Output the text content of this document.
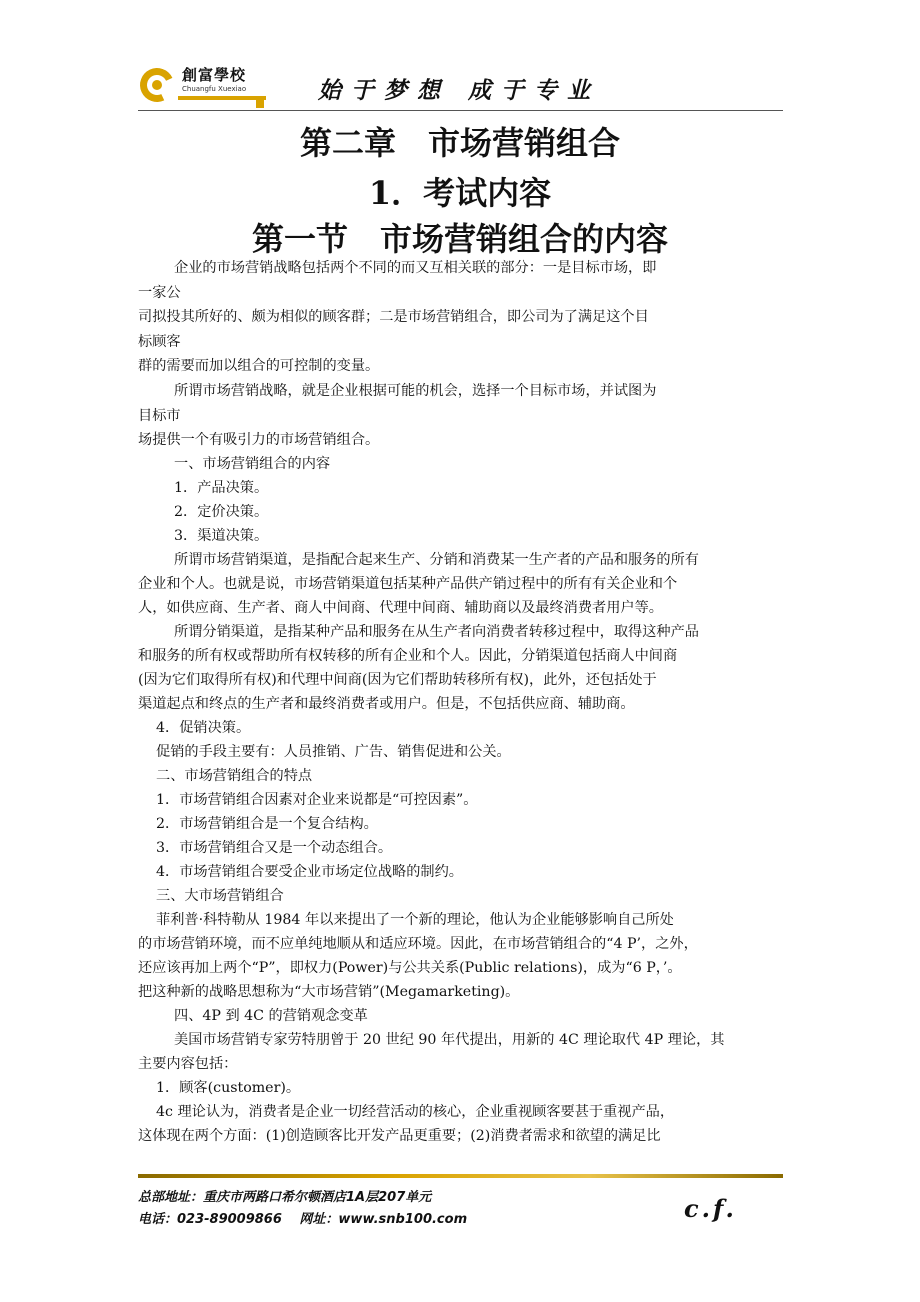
創富學校
Chuangfu Xuexiao	始于梦想 成于专业
第二章　市场营销组合
1．考试内容
第一节　市场营销组合的内容
企业的市场营销战略包括两个不同的而又互相关联的部分：一是目标市场，即
一家公
司拟投其所好的、颇为相似的顾客群；二是市场营销组合，即公司为了满足这个目
标顾客
群的需要而加以组合的可控制的变量。
所谓市场营销战略，就是企业根据可能的机会，选择一个目标市场，并试图为
目标市
场提供一个有吸引力的市场营销组合。
一、市场营销组合的内容
1．产品决策。
2．定价决策。
3．渠道决策。
所谓市场营销渠道，是指配合起来生产、分销和消费某一生产者的产品和服务的所有
企业和个人。也就是说，市场营销渠道包括某种产品供产销过程中的所有有关企业和个
人，如供应商、生产者、商人中间商、代理中间商、辅助商以及最终消费者用户等。
所谓分销渠道，是指某种产品和服务在从生产者向消费者转移过程中，取得这种产品
和服务的所有权或帮助所有权转移的所有企业和个人。因此，分销渠道包括商人中间商
(因为它们取得所有权)和代理中间商(因为它们帮助转移所有权)，此外，还包括处于
渠道起点和终点的生产者和最终消费者或用户。但是，不包括供应商、辅助商。
4．促销决策。
促销的手段主要有：人员推销、广告、销售促进和公关。
二、市场营销组合的特点
1．市场营销组合因素对企业来说都是“可控因素”。
2．市场营销组合是一个复合结构。
3．市场营销组合又是一个动态组合。
4．市场营销组合要受企业市场定位战略的制约。
三、大市场营销组合
菲利普·科特勒从 1984 年以来提出了一个新的理论，他认为企业能够影响自己所处
的市场营销环境，而不应单纯地顺从和适应环境。因此，在市场营销组合的“4 P’，之外，
还应该再加上两个“P”，即权力(Power)与公共关系(Public relations)，成为“6 P，’。
把这种新的战略思想称为“大市场营销”(Megamarketing)。
四、4P 到 4C 的营销观念变革
美国市场营销专家劳特朋曾于 20 世纪 90 年代提出，用新的 4C 理论取代 4P 理论，其
主要内容包括：
1．顾客(customer)。
4c 理论认为，消费者是企业一切经营活动的核心，企业重视顾客要甚于重视产品，
这体现在两个方面：(1)创造顾客比开发产品更重要；(2)消费者需求和欲望的满足比
总部地址：重庆市两路口希尔顿酒店1A层207单元
电话：023-89009866　 网址：www.snb100.com	c.f.
